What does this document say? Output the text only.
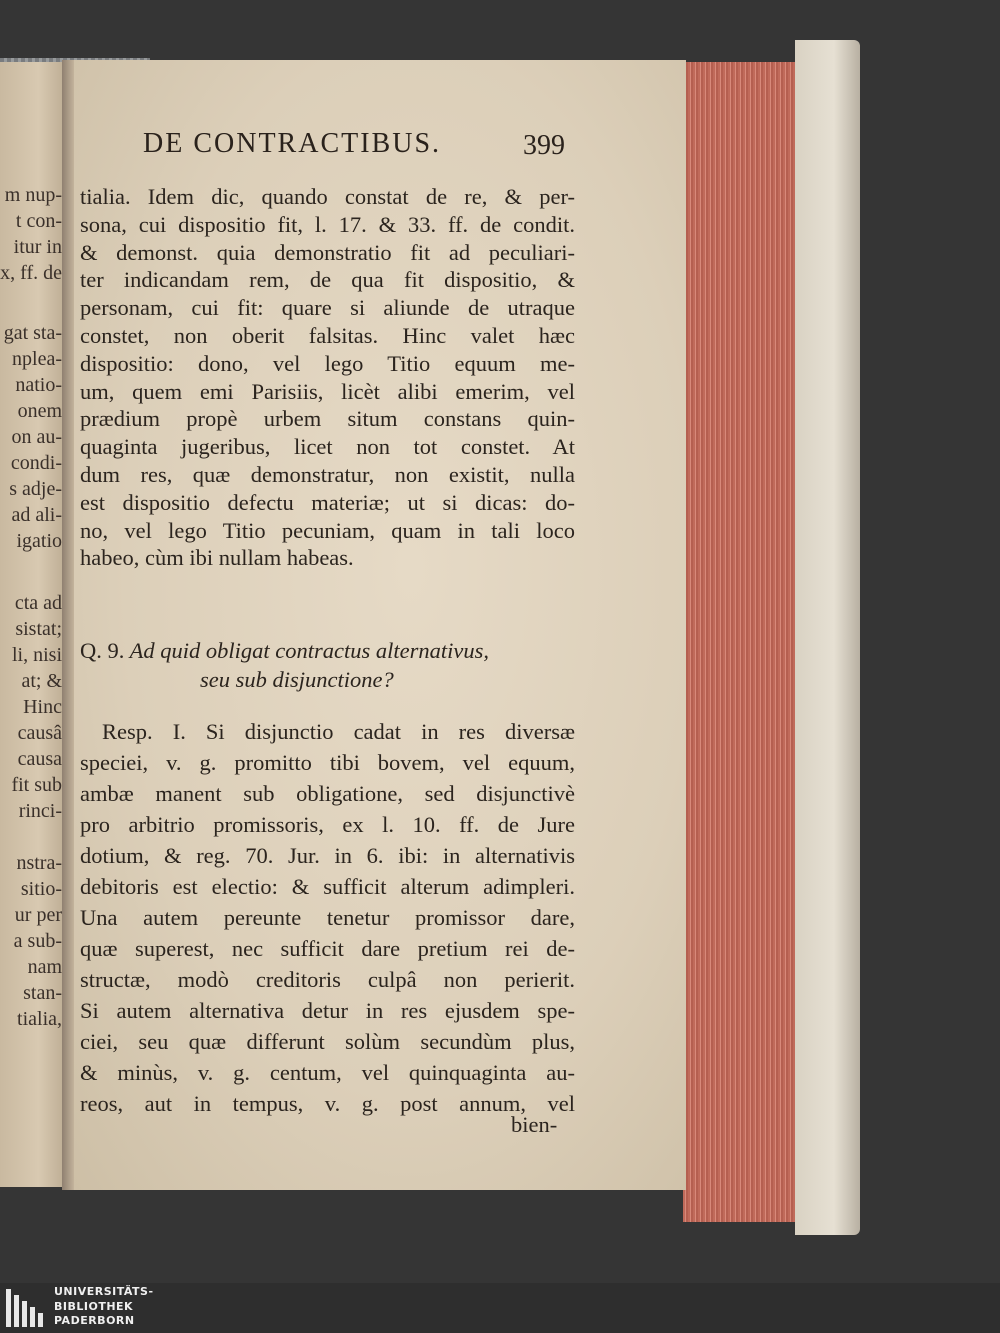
m nup-
t con-
itur in
x, ff. de
gat sta-
nplea-
natio-
onem
on au-
condi-
s adje-
ad ali-
igatio
cta ad
sistat;
li, nisi
at; &
Hinc
causâ
causa
fit sub
rinci-
nstra-
sitio-
ur per
a sub-
nam
stan-
tialia,
DE CONTRACTIBUS.	399
tialia. Idem dic, quando constat de re, & per-
sona, cui dispositio fit, l. 17. & 33. ff. de condit.
& demonst. quia demonstratio fit ad peculiari-
ter indicandam rem, de qua fit dispositio, &
personam, cui fit: quare si aliunde de utraque
constet, non oberit falsitas. Hinc valet hæc
dispositio: dono, vel lego Titio equum me-
um, quem emi Parisiis, licèt alibi emerim, vel
prædium propè urbem situm constans quin-
quaginta jugeribus, licet non tot constet. At
dum res, quæ demonstratur, non existit, nulla
est dispositio defectu materiæ; ut si dicas: do-
no, vel lego Titio pecuniam, quam in tali loco
habeo, cùm ibi nullam habeas.
Q. 9. Ad quid obligat contractus alternativus,
seu sub disjunctione?
Resp. I. Si disjunctio cadat in res diversæ
speciei, v. g. promitto tibi bovem, vel equum,
ambæ manent sub obligatione, sed disjunctivè
pro arbitrio promissoris, ex l. 10. ff. de Jure
dotium, & reg. 70. Jur. in 6. ibi: in alternativis
debitoris est electio: & sufficit alterum adimpleri.
Una autem pereunte tenetur promissor dare,
quæ superest, nec sufficit dare pretium rei de-
structæ, modò creditoris culpâ non perierit.
Si autem alternativa detur in res ejusdem spe-
ciei, seu quæ differunt solùm secundùm plus,
& minùs, v. g. centum, vel quinquaginta au-
reos, aut in tempus, v. g. post annum, vel
bien-
UNIVERSITÄTS-
BIBLIOTHEK
PADERBORN
